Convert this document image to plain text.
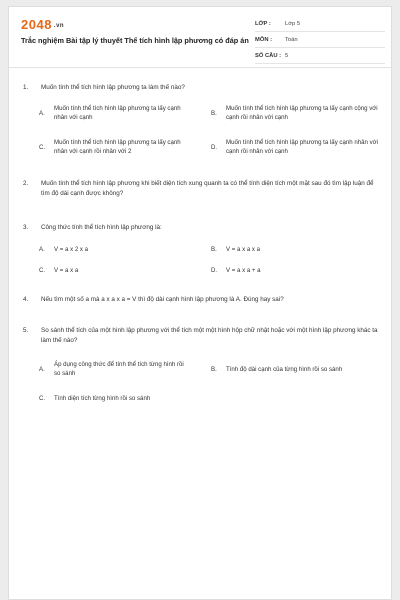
2048 .vn
Trắc nghiệm Bài tập lý thuyết Thể tích hình lập phương có đáp án
LỚP :	Lớp 5
MÔN :	Toán
SỐ CÂU : 5
1.	Muốn tính thể tích hình lập phương ta làm thế nào?
A.
Muốn tính thể tích hình lập phương ta lấy cạnh nhân với cạnh
B.
Muốn tính thể tích hình lập phương ta lấy cạnh cộng với cạnh rồi nhân với cạnh
C.
Muốn tính thể tích hình lập phương ta lấy cạnh nhân với cạnh rồi nhân với 2
D.
Muốn tính thể tích hình lập phương ta lấy cạnh nhân với cạnh rồi nhân với cạnh
2.	Muốn tính thể tích hình lập phương khi biết diện tích xung quanh ta có thể tính diện tích một mặt sau đó tìm lập luận để tìm độ dài cạnh được không?
3.	Công thức tính thể tích hình lập phương là:
A. V = a x 2 x a	B. V = a x a x a
C. V = a x a	D. V = a x a + a
4.	Nếu tìm một số a mà a x a x a = V thì độ dài cạnh hình lập phương là A. Đúng hay sai?
5.	So sánh thể tích của một hình lập phương với thể tích một một hình hộp chữ nhật hoặc với một hình lập phương khác ta làm thế nào?
A.
Áp dụng công thức để tính thể tích từng hình rồi so sánh
B. Tính độ dài cạnh của từng hình rồi so sánh
C. Tính diện tích từng hình rồi so sánh
